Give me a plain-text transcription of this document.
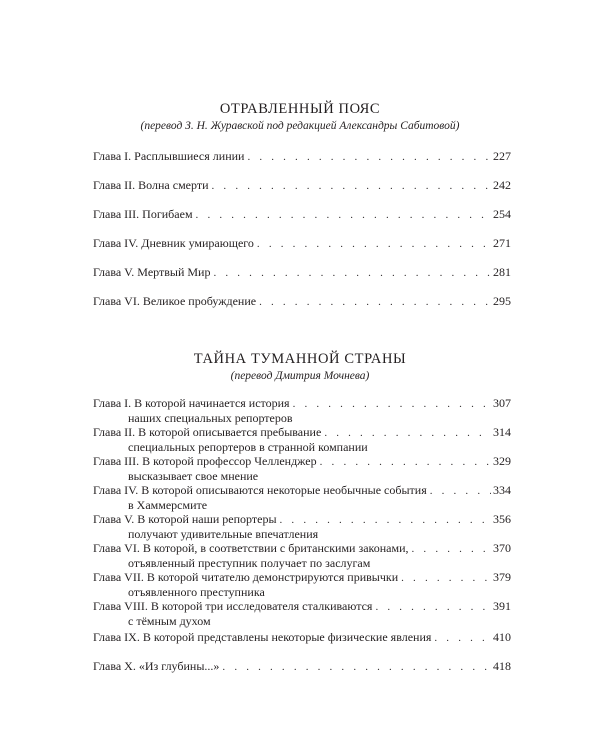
ОТРАВЛЕННЫЙ ПОЯС
(перевод З. Н. Журавской под редакцией Александры Сабитовой)
Глава I. Расплывшиеся линии . . .	227
Глава II. Волна смерти . . .	242
Глава III. Погибаем . . .	254
Глава IV. Дневник умирающего . . .	271
Глава V. Мертвый Мир . . .	281
Глава VI. Великое пробуждение . . .	295
ТАЙНА ТУМАННОЙ СТРАНЫ
(перевод Дмитрия Мочнева)
Глава I. В которой начинается история . . .	307
наших специальных репортеров
Глава II. В которой описывается пребывание . . .	314
специальных репортеров в странной компании
Глава III. В которой профессор Челленджер . . .	329
высказывает свое мнение
Глава IV. В которой описываются некоторые необычные события . . .	334
в Хаммерсмите
Глава V. В которой наши репортеры . . .	356
получают удивительные впечатления
Глава VI. В которой, в соответствии с британскими законами, . . .	370
отъявленный преступник получает по заслугам
Глава VII. В которой читателю демонстрируются привычки . . .	379
отъявленного преступника
Глава VIII. В которой три исследователя сталкиваются . . .	391
с тёмным духом
Глава IX. В которой представлены некоторые физические явления . . .	410
Глава X. «Из глубины...» . . .	418
